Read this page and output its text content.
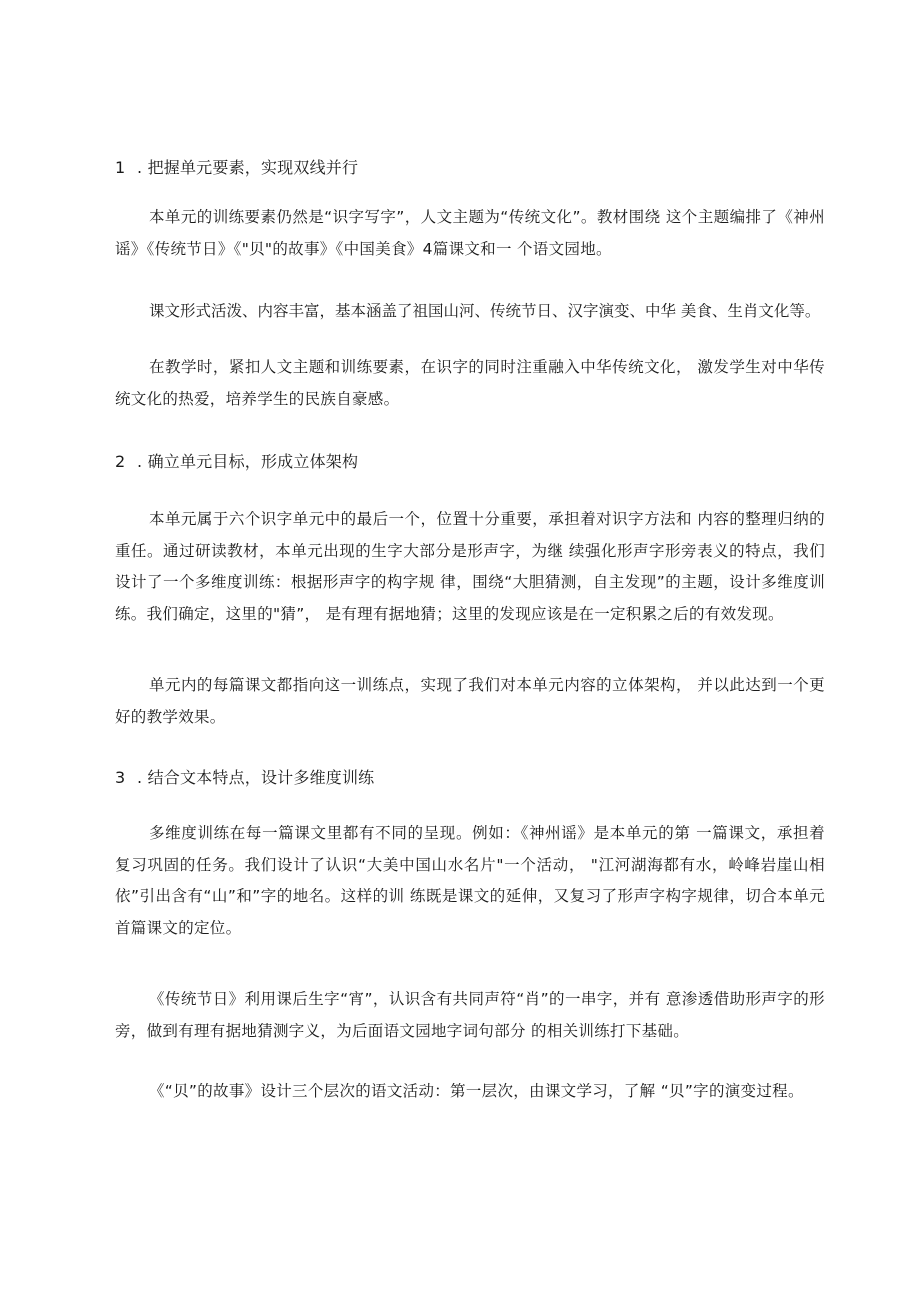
1 . 把握单元要素，实现双线并行

本单元的训练要素仍然是“识字写字”，人文主题为“传统文化”。教材围绕 这个主题编排了《神州谣》《传统节日》《"贝"的故事》《中国美食》4篇课文和一 个语文园地。

课文形式活泼、内容丰富，基本涵盖了祖国山河、传统节日、汉字演变、中华 美食、生肖文化等。

在教学时，紧扣人文主题和训练要素，在识字的同时注重融入中华传统文化， 激发学生对中华传统文化的热爱，培养学生的民族自豪感。

2 . 确立单元目标，形成立体架构

本单元属于六个识字单元中的最后一个，位置十分重要，承担着对识字方法和 内容的整理归纳的重任。通过研读教材，本单元出现的生字大部分是形声字，为继 续强化形声字形旁表义的特点，我们设计了一个多维度训练：根据形声字的构字规 律，围绕“大胆猜测，自主发现”的主题，设计多维度训练。我们确定，这里的"猜”， 是有理有据地猜；这里的发现应该是在一定积累之后的有效发现。

单元内的每篇课文都指向这一训练点，实现了我们对本单元内容的立体架构， 并以此达到一个更好的教学效果。

3 . 结合文本特点，设计多维度训练

多维度训练在每一篇课文里都有不同的呈现。例如：《神州谣》是本单元的第 一篇课文，承担着复习巩固的任务。我们设计了认识“大美中国山水名片"一个活动， "江河湖海都有水，岭峰岩崖山相依”引出含有“山”和”字的地名。这样的训 练既是课文的延伸，又复习了形声字构字规律，切合本单元首篇课文的定位。

《传统节日》利用课后生字“宵”，认识含有共同声符“肖”的一串字，并有 意渗透借助形声字的形旁，做到有理有据地猜测字义，为后面语文园地字词句部分 的相关训练打下基础。

《“贝”的故事》设计三个层次的语文活动：第一层次，由课文学习，了解 “贝”字的演变过程。
